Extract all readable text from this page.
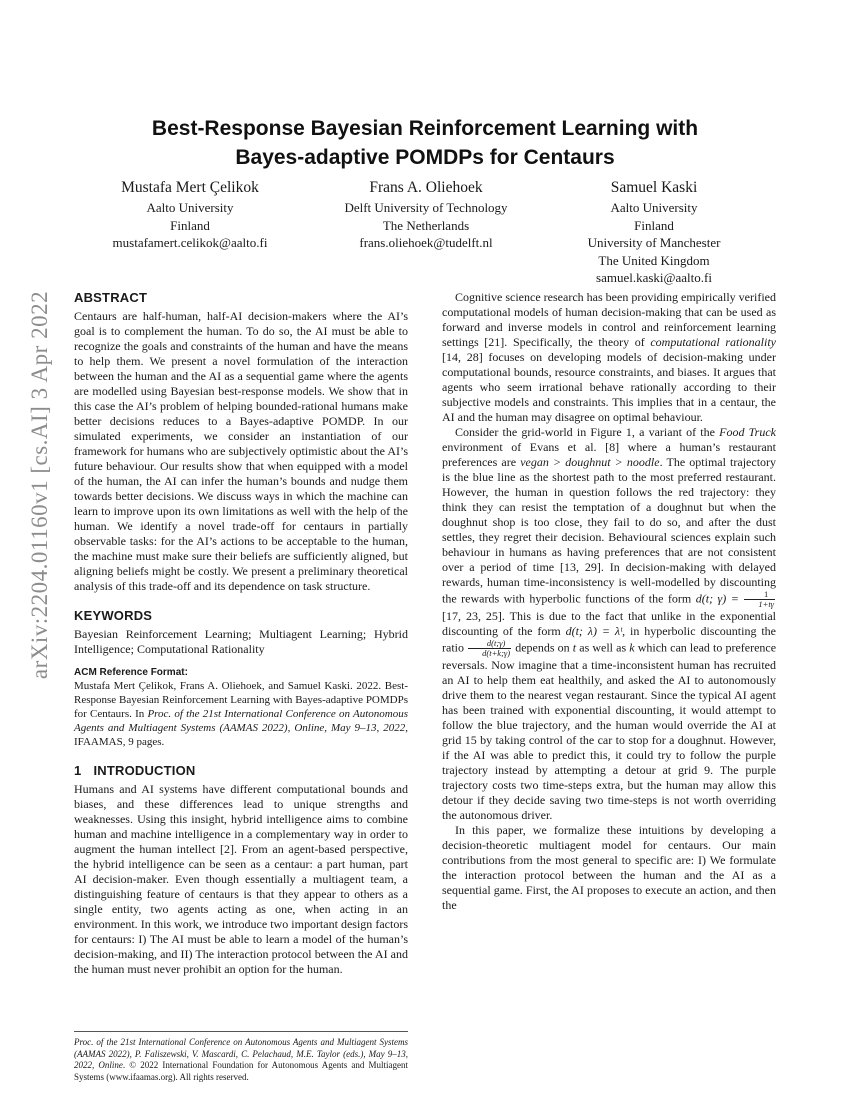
arXiv:2204.01160v1 [cs.AI] 3 Apr 2022
Best-Response Bayesian Reinforcement Learning with
Bayes-adaptive POMDPs for Centaurs
Mustafa Mert Çelikok
Aalto University
Finland
mustafamert.celikok@aalto.fi
Frans A. Oliehoek
Delft University of Technology
The Netherlands
frans.oliehoek@tudelft.nl
Samuel Kaski
Aalto University
Finland
University of Manchester
The United Kingdom
samuel.kaski@aalto.fi
ABSTRACT

Centaurs are half-human, half-AI decision-makers where the AI’s goal is to complement the human. To do so, the AI must be able to recognize the goals and constraints of the human and have the means to help them. We present a novel formulation of the interaction between the human and the AI as a sequential game where the agents are modelled using Bayesian best-response models. We show that in this case the AI’s problem of helping bounded-rational humans make better decisions reduces to a Bayes-adaptive POMDP. In our simulated experiments, we consider an instantiation of our framework for humans who are subjectively optimistic about the AI’s future behaviour. Our results show that when equipped with a model of the human, the AI can infer the human’s bounds and nudge them towards better decisions. We discuss ways in which the machine can learn to improve upon its own limitations as well with the help of the human. We identify a novel trade-off for centaurs in partially observable tasks: for the AI’s actions to be acceptable to the human, the machine must make sure their beliefs are sufficiently aligned, but aligning beliefs might be costly. We present a preliminary theoretical analysis of this trade-off and its dependence on task structure.

KEYWORDS

Bayesian Reinforcement Learning; Multiagent Learning; Hybrid Intelligence; Computational Rationality

ACM Reference Format:

Mustafa Mert Çelikok, Frans A. Oliehoek, and Samuel Kaski. 2022. Best-Response Bayesian Reinforcement Learning with Bayes-adaptive POMDPs for Centaurs. In Proc. of the 21st International Conference on Autonomous Agents and Multiagent Systems (AAMAS 2022), Online, May 9–13, 2022, IFAAMAS, 9 pages.

1 INTRODUCTION

Humans and AI systems have different computational bounds and biases, and these differences lead to unique strengths and weaknesses. Using this insight, hybrid intelligence aims to combine human and machine intelligence in a complementary way in order to augment the human intellect [2]. From an agent-based perspective, the hybrid intelligence can be seen as a centaur: a part human, part AI decision-maker. Even though essentially a multiagent team, a distinguishing feature of centaurs is that they appear to others as a single entity, two agents acting as one, when acting in an environment. In this work, we introduce two important design factors for centaurs: I) The AI must be able to learn a model of the human’s decision-making, and II) The interaction protocol between the AI and the human must never prohibit an option for the human.

Cognitive science research has been providing empirically verified computational models of human decision-making that can be used as forward and inverse models in control and reinforcement learning settings [21]. Specifically, the theory of computational rationality [14, 28] focuses on developing models of decision-making under computational bounds, resource constraints, and biases. It argues that agents who seem irrational behave rationally according to their subjective models and constraints. This implies that in a centaur, the AI and the human may disagree on optimal behaviour.

Consider the grid-world in Figure 1, a variant of the Food Truck environment of Evans et al. [8] where a human’s restaurant preferences are vegan > doughnut > noodle. The optimal trajectory is the blue line as the shortest path to the most preferred restaurant. However, the human in question follows the red trajectory: they think they can resist the temptation of a doughnut but when the doughnut shop is too close, they fail to do so, and after the dust settles, they regret their decision. Behavioural sciences explain such behaviour in humans as having preferences that are not consistent over a period of time [13, 29]. In decision-making with delayed rewards, human time-inconsistency is well-modelled by discounting the rewards with hyperbolic functions of the form d(t; $\gamma) = \frac{1}{1+t\gamma}$
[17, 23, 25]. This is due to the fact that unlike in the exponential discounting of the form d(t; λ) = λᵗ, in hyperbolic discounting the ratio $\frac{d(t;\gamma)}{d(t+k;\gamma)}$ depends on t as well as k which can lead to preference reversals. Now imagine that a time-inconsistent human has recruited an AI to help them eat healthily, and asked the AI to autonomously drive them to the nearest vegan restaurant. Since the typical AI agent has been trained with exponential discounting, it would attempt to follow the blue trajectory, and the human would override the AI at grid 15 by taking control of the car to stop for a doughnut. However, if the AI was able to predict this, it could try to follow the purple trajectory instead by attempting a detour at grid 9. The purple trajectory costs two time-steps extra, but the human may allow this detour if they decide saving two time-steps is not worth overriding the autonomous driver.

In this paper, we formalize these intuitions by developing a decision-theoretic multiagent model for centaurs. Our main contributions from the most general to specific are: I) We formulate the interaction protocol between the human and the AI as a sequential game. First, the AI proposes to execute an action, and then the

Proc. of the 21st International Conference on Autonomous Agents and Multiagent Systems (AAMAS 2022), P. Faliszewski, V. Mascardi, C. Pelachaud, M.E. Taylor (eds.), May 9–13, 2022, Online. © 2022 International Foundation for Autonomous Agents and Multiagent Systems (www.ifaamas.org). All rights reserved.
